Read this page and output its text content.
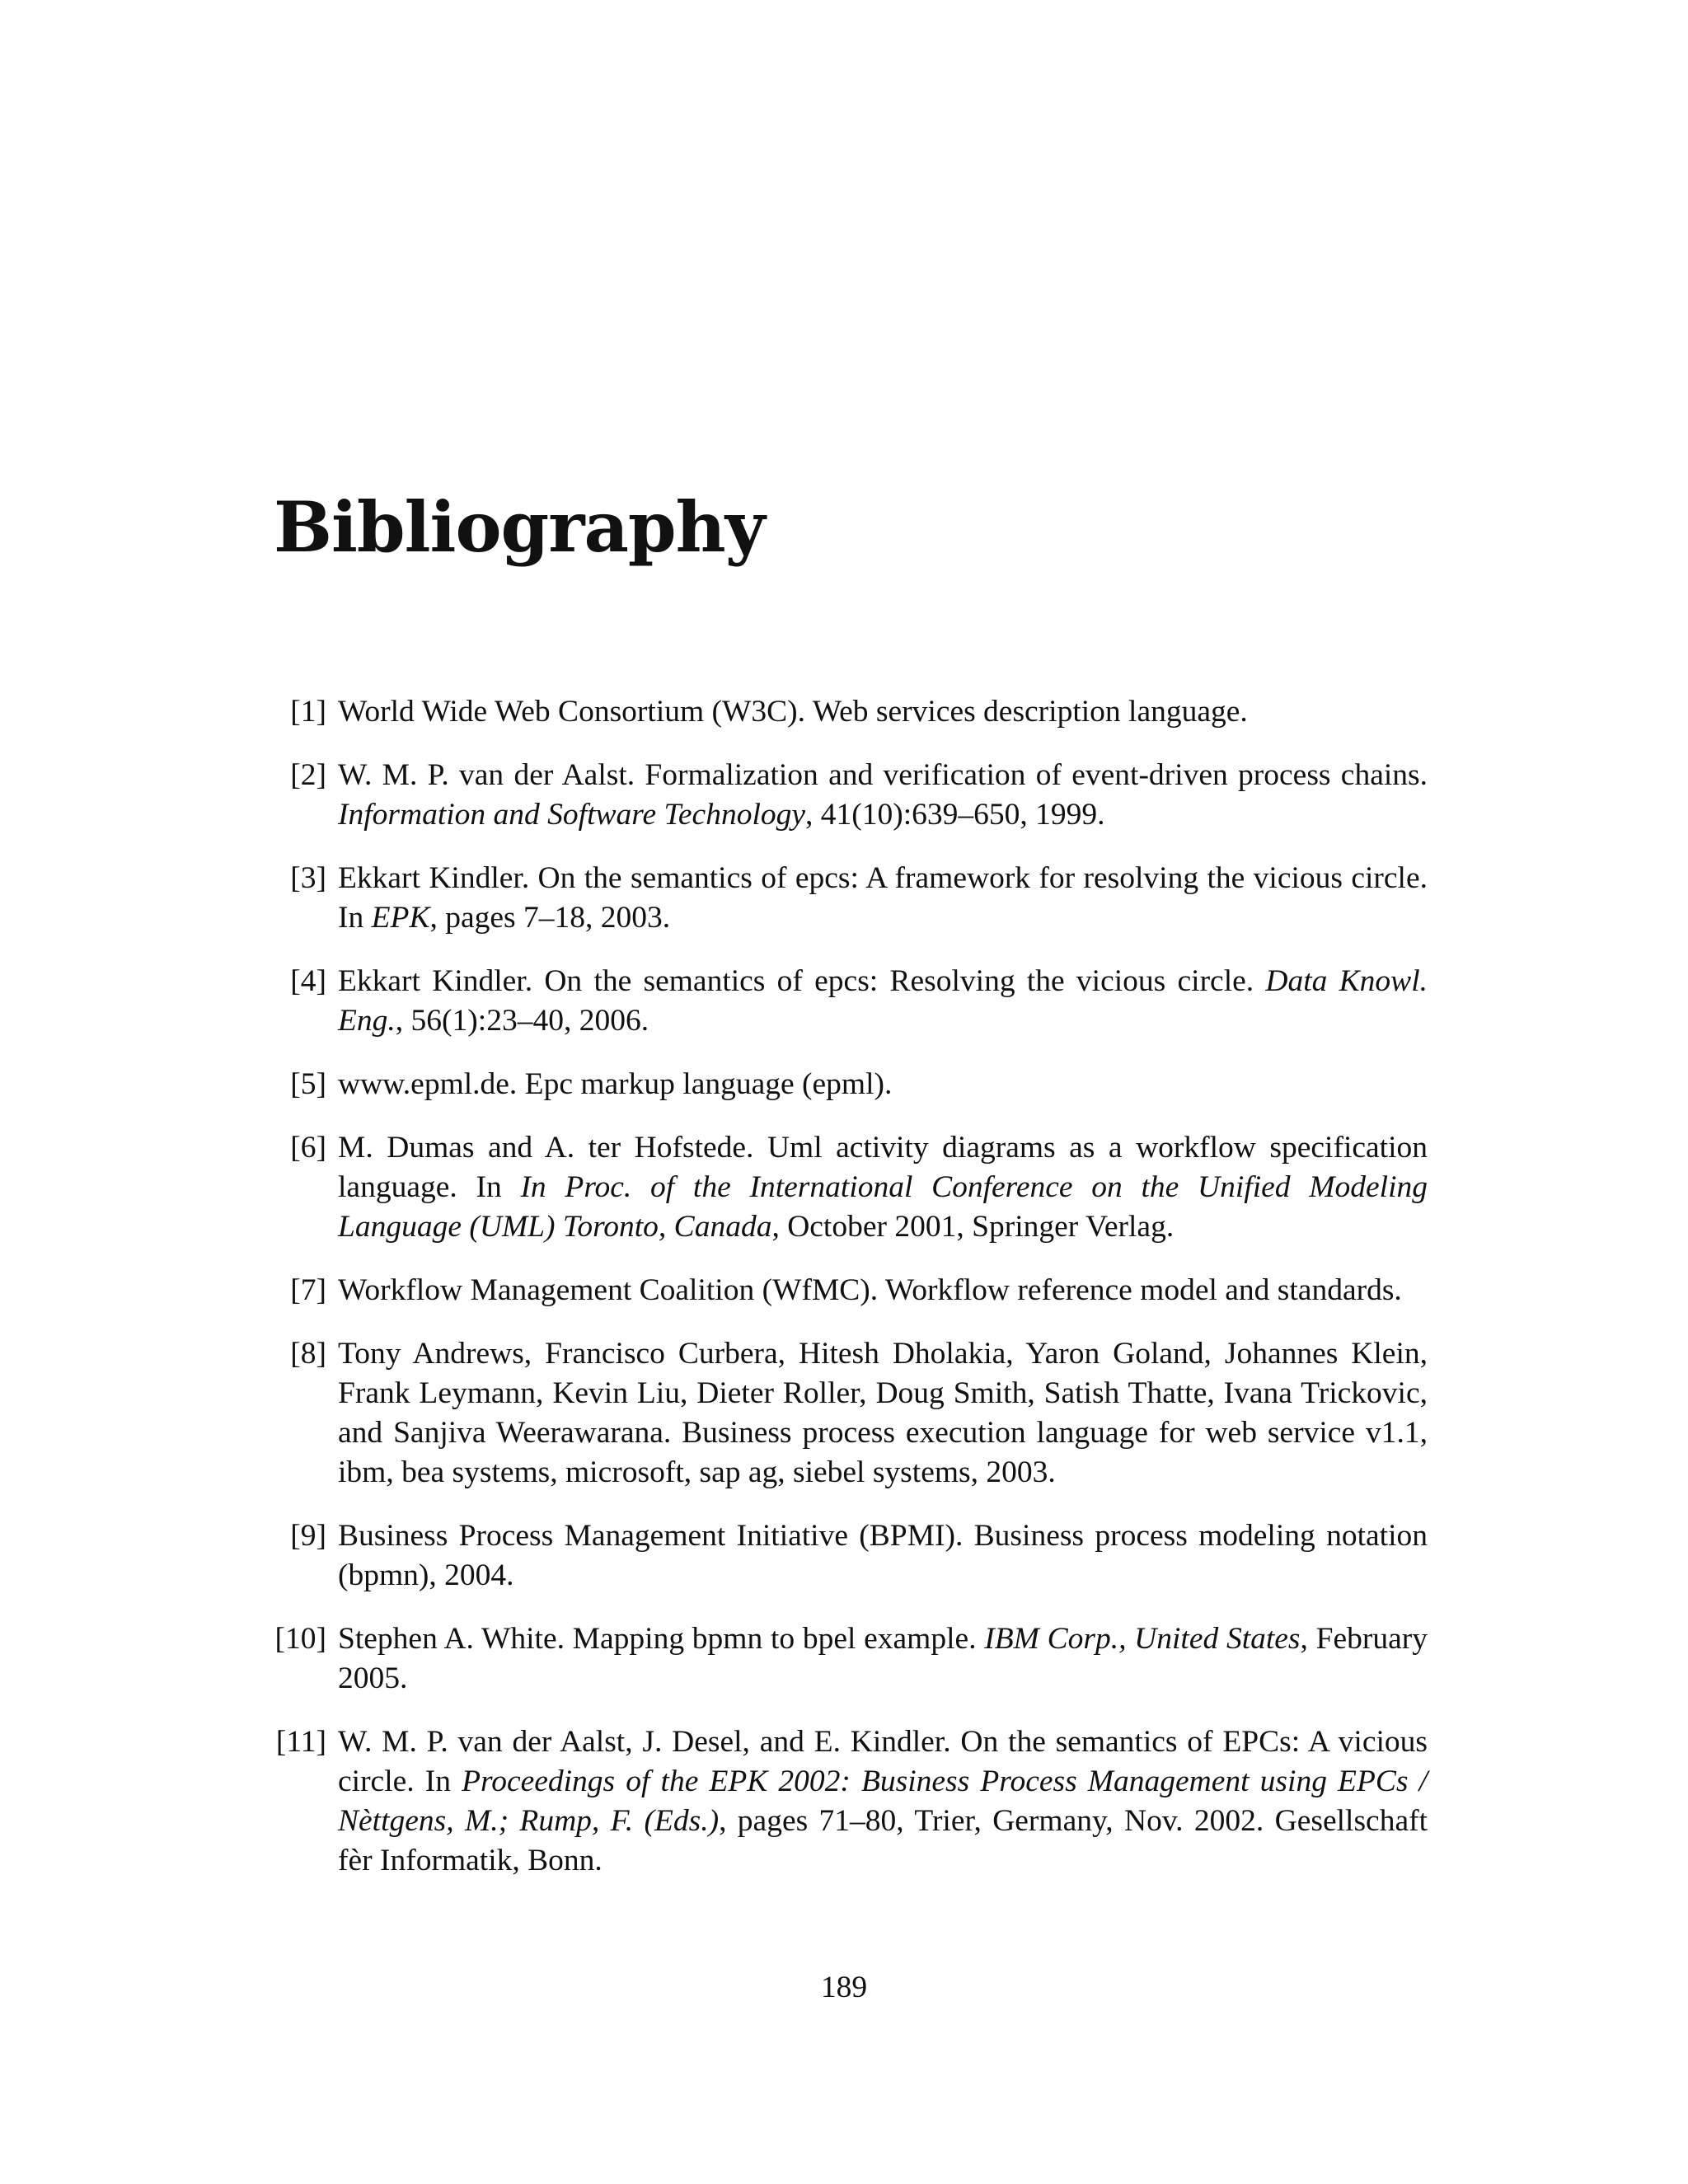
Bibliography
[1] World Wide Web Consortium (W3C). Web services description language.
[2] W. M. P. van der Aalst. Formalization and verification of event-driven process chains. Information and Software Technology, 41(10):639–650, 1999.
[3] Ekkart Kindler. On the semantics of epcs: A framework for resolving the vicious circle. In EPK, pages 7–18, 2003.
[4] Ekkart Kindler. On the semantics of epcs: Resolving the vicious circle. Data Knowl. Eng., 56(1):23–40, 2006.
[5] www.epml.de. Epc markup language (epml).
[6] M. Dumas and A. ter Hofstede. Uml activity diagrams as a workflow specification language. In In Proc. of the International Conference on the Unified Modeling Language (UML) Toronto, Canada, October 2001, Springer Verlag.
[7] Workflow Management Coalition (WfMC). Workflow reference model and standards.
[8] Tony Andrews, Francisco Curbera, Hitesh Dholakia, Yaron Goland, Johannes Klein, Frank Leymann, Kevin Liu, Dieter Roller, Doug Smith, Satish Thatte, Ivana Trickovic, and Sanjiva Weerawarana. Business process execution language for web service v1.1, ibm, bea systems, microsoft, sap ag, siebel systems, 2003.
[9] Business Process Management Initiative (BPMI). Business process modeling notation (bpmn), 2004.
[10] Stephen A. White. Mapping bpmn to bpel example. IBM Corp., United States, February 2005.
[11] W. M. P. van der Aalst, J. Desel, and E. Kindler. On the semantics of EPCs: A vicious circle. In Proceedings of the EPK 2002: Business Process Management using EPCs / Nèttgens, M.; Rump, F. (Eds.), pages 71–80, Trier, Germany, Nov. 2002. Gesellschaft fèr Informatik, Bonn.
189
